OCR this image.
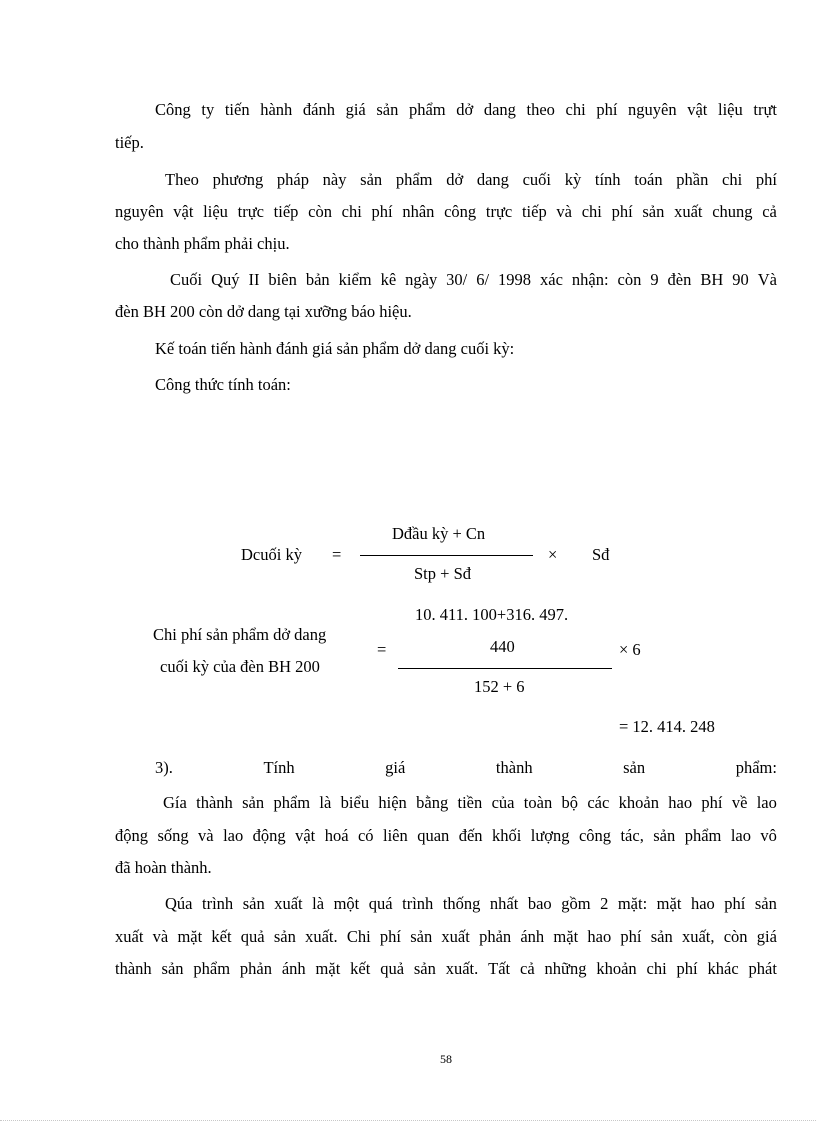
Công ty tiến hành đánh giá sản phẩm dở dang theo chi phí nguyên vật liệu trựt
tiếp.
Theo phương pháp này sản phẩm dở dang cuối kỳ tính toán phần chi phí
nguyên vật liệu trực tiếp còn chi phí nhân công trực tiếp và chi phí sản xuất chung cả
cho thành phẩm phải chịu.
Cuối Quý II biên bản kiểm kê ngày 30/ 6/ 1998 xác nhận: còn 9 đèn BH 90 Và
đèn BH 200 còn dở dang tại xưỡng báo hiệu.
Kế toán tiến hành đánh giá sản phẩm dở dang cuối kỳ:
Công thức tính toán:
Dcuối kỳ =
Dđầu kỳ + Cn
Stp + Sđ
× Sđ
10. 411. 100+316. 497.
Chi phí sản phẩm dở dang
440
=	× 6
cuối kỳ của đèn BH 200
152 + 6
= 12. 414. 248
3).	Tính	giá	thành	sản	phẩm:
Gía thành sản phẩm là biểu hiện bằng tiền của toàn bộ các khoản hao phí về lao
động sống và lao động vật hoá có liên quan đến khối lượng công tác, sản phẩm lao vô
đã hoàn thành.
Qúa trình sản xuất là một quá trình thống nhất bao gồm 2 mặt: mặt hao phí sản
xuất và mặt kết quả sản xuất. Chi phí sản xuất phản ánh mặt hao phí sản xuất, còn giá
thành sản phẩm phản ánh mặt kết quả sản xuất. Tất cả những khoản chi phí khác phát
58
